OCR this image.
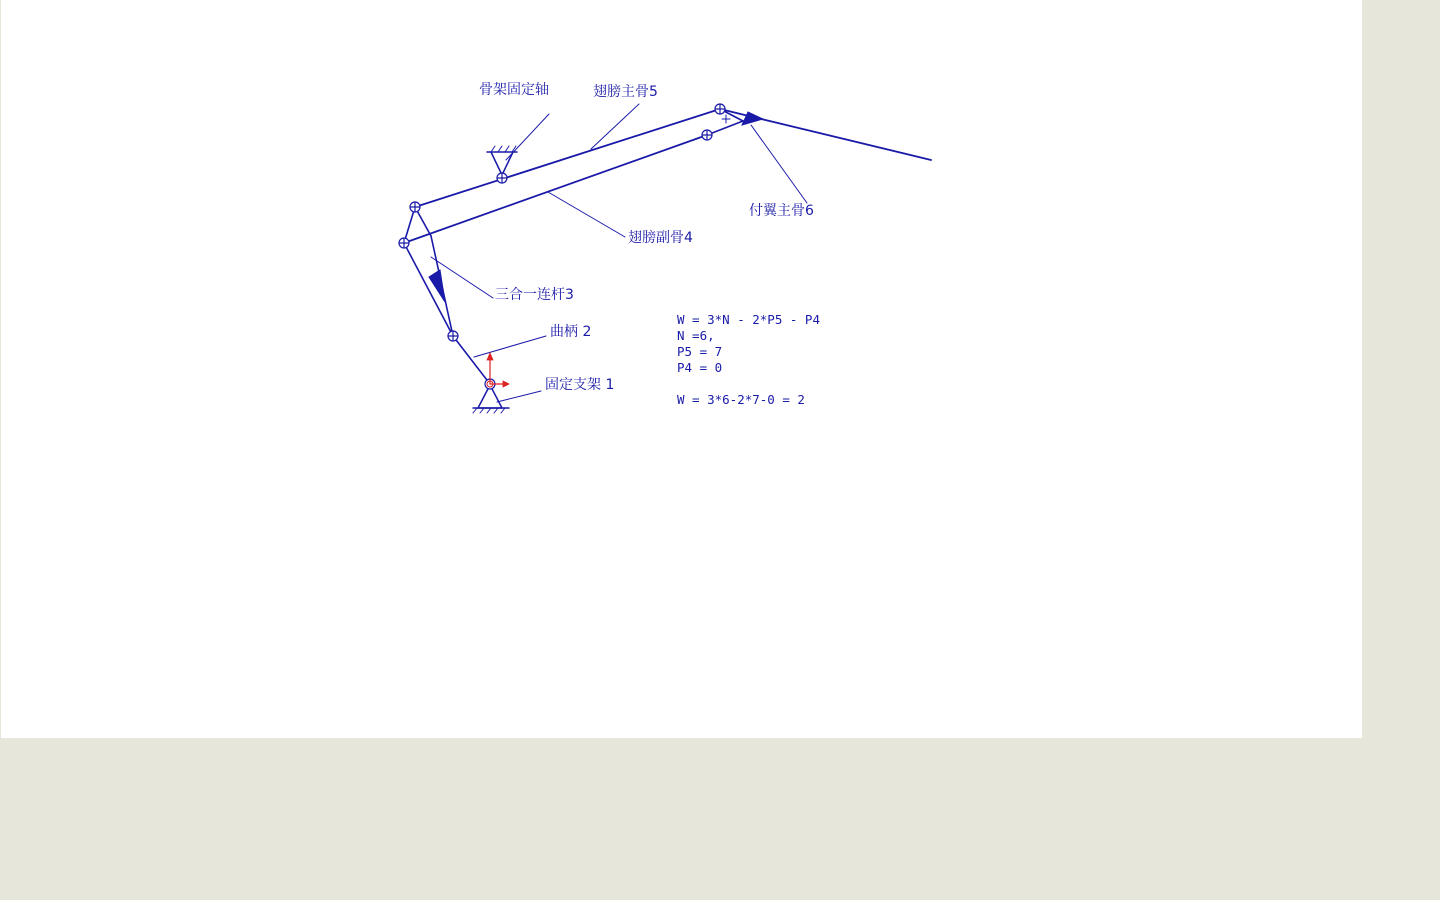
骨架固定轴	翅膀主骨5
付翼主骨6
翅膀副骨4
三合一连杆3
曲柄 2
固定支架 1
W = 3*N - 2*P5 - P4
N =6,
P5 = 7
P4 = 0
W = 3*6-2*7-0 = 2
